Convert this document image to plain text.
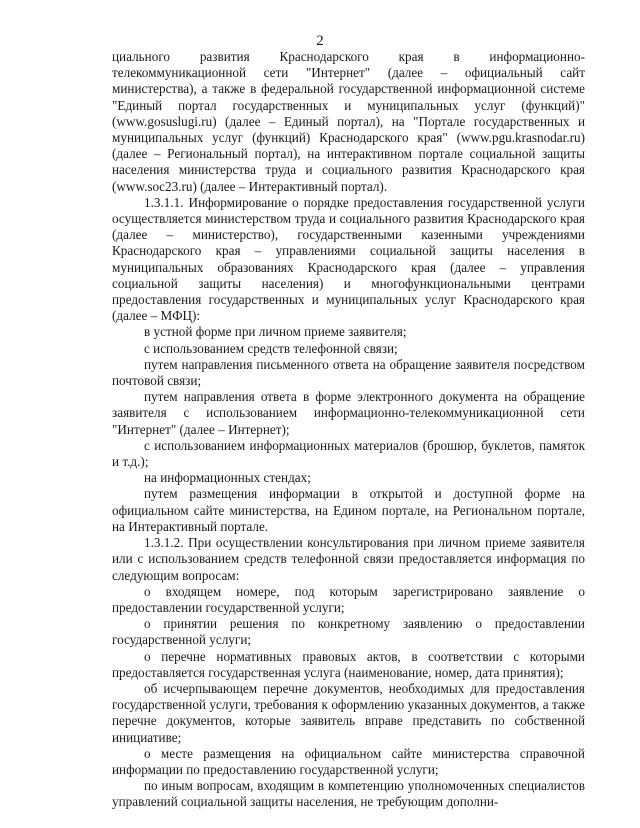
2

циального развития Краснодарского края в информационно-телекоммуникационной сети "Интернет" (далее – официальный сайт министерства), а также в федеральной государственной информационной системе "Единый портал государственных и муниципальных услуг (функций)" (www.gosuslugi.ru) (далее – Единый портал), на "Портале государственных и муниципальных услуг (функций) Краснодарского края" (www.pgu.krasnodar.ru) (далее – Региональный портал), на интерактивном портале социальной защиты населения министерства труда и социального развития Краснодарского края (www.soc23.ru) (далее – Интерактивный портал).

1.3.1.1. Информирование о порядке предоставления государственной услуги осуществляется министерством труда и социального развития Краснодарского края (далее – министерство), государственными казенными учреждениями Краснодарского края – управлениями социальной защиты населения в муниципальных образованиях Краснодарского края (далее – управления социальной защиты населения) и многофункциональными центрами предоставления государственных и муниципальных услуг Краснодарского края (далее – МФЦ):

в устной форме при личном приеме заявителя;

с использованием средств телефонной связи;

путем направления письменного ответа на обращение заявителя посредством почтовой связи;

путем направления ответа в форме электронного документа на обращение заявителя с использованием информационно-телекоммуникационной сети "Интернет" (далее – Интернет);

с использованием информационных материалов (брошюр, буклетов, памяток и т.д.);

на информационных стендах;

путем размещения информации в открытой и доступной форме на официальном сайте министерства, на Едином портале, на Региональном портале, на Интерактивный портале.

1.3.1.2. При осуществлении консультирования при личном приеме заявителя или с использованием средств телефонной связи предоставляется информация по следующим вопросам:

о входящем номере, под которым зарегистрировано заявление о предоставлении государственной услуги;

о принятии решения по конкретному заявлению о предоставлении государственной услуги;

о перечне нормативных правовых актов, в соответствии с которыми предоставляется государственная услуга (наименование, номер, дата принятия);

об исчерпывающем перечне документов, необходимых для предоставления государственной услуги, требования к оформлению указанных документов, а также перечне документов, которые заявитель вправе представить по собственной инициативе;

о месте размещения на официальном сайте министерства справочной информации по предоставлению государственной услуги;

по иным вопросам, входящим в компетенцию уполномоченных специалистов управлений социальной защиты населения, не требующим дополни-
